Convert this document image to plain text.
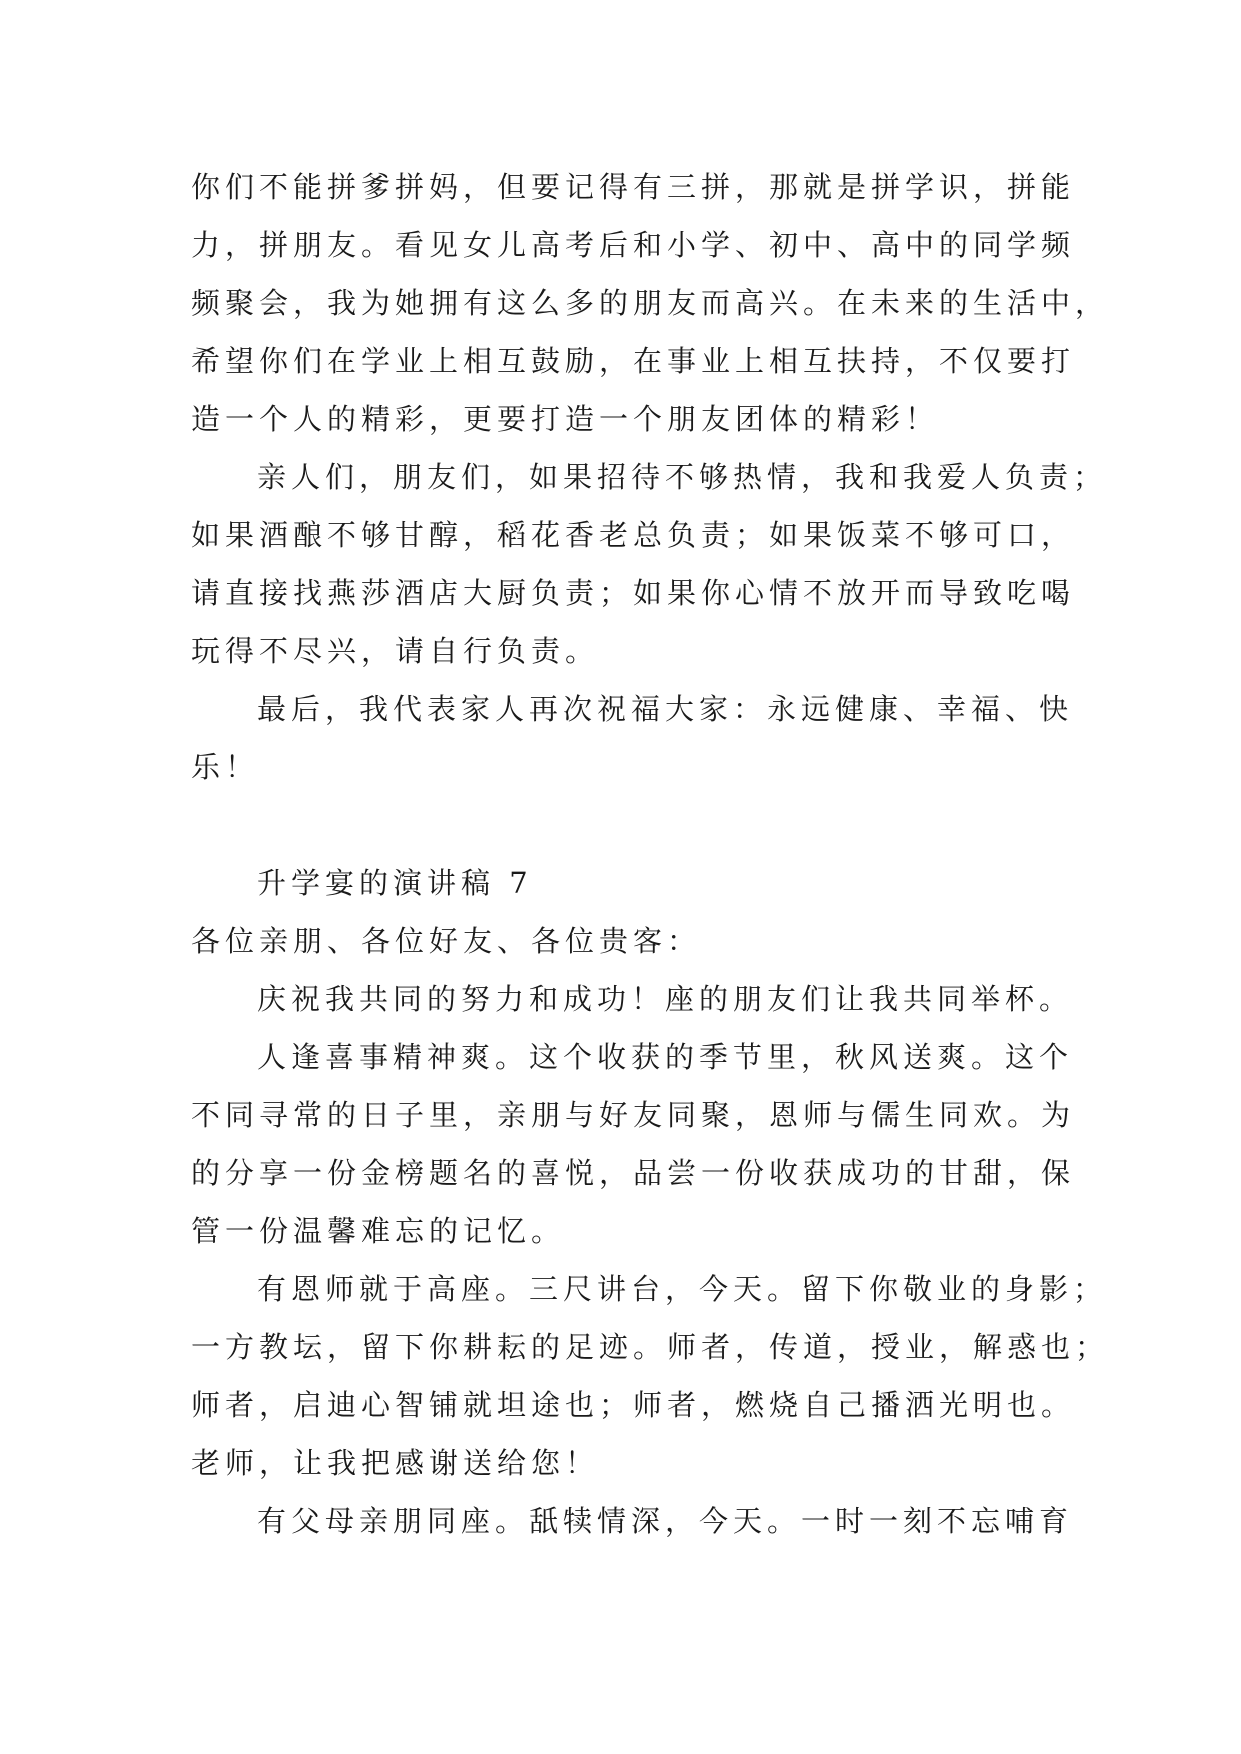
你们不能拼爹拼妈，但要记得有三拼，那就是拼学识，拼能
力，拼朋友。看见女儿高考后和小学、初中、高中的同学频
频聚会，我为她拥有这么多的朋友而高兴。在未来的生活中，
希望你们在学业上相互鼓励，在事业上相互扶持，不仅要打
造一个人的精彩，更要打造一个朋友团体的精彩！
亲人们，朋友们，如果招待不够热情，我和我爱人负责；
如果酒酿不够甘醇，稻花香老总负责；如果饭菜不够可口，
请直接找燕莎酒店大厨负责；如果你心情不放开而导致吃喝
玩得不尽兴，请自行负责。
最后，我代表家人再次祝福大家：永远健康、幸福、快
乐！
升学宴的演讲稿 7
各位亲朋、各位好友、各位贵客：
庆祝我共同的努力和成功！座的朋友们让我共同举杯。
人逢喜事精神爽。这个收获的季节里，秋风送爽。这个
不同寻常的日子里，亲朋与好友同聚，恩师与儒生同欢。为
的分享一份金榜题名的喜悦，品尝一份收获成功的甘甜，保
管一份温馨难忘的记忆。
有恩师就于高座。三尺讲台，今天。留下你敬业的身影；
一方教坛，留下你耕耘的足迹。师者，传道，授业，解惑也；
师者，启迪心智铺就坦途也；师者，燃烧自己播洒光明也。
老师，让我把感谢送给您！
有父母亲朋同座。舐犊情深，今天。一时一刻不忘哺育
